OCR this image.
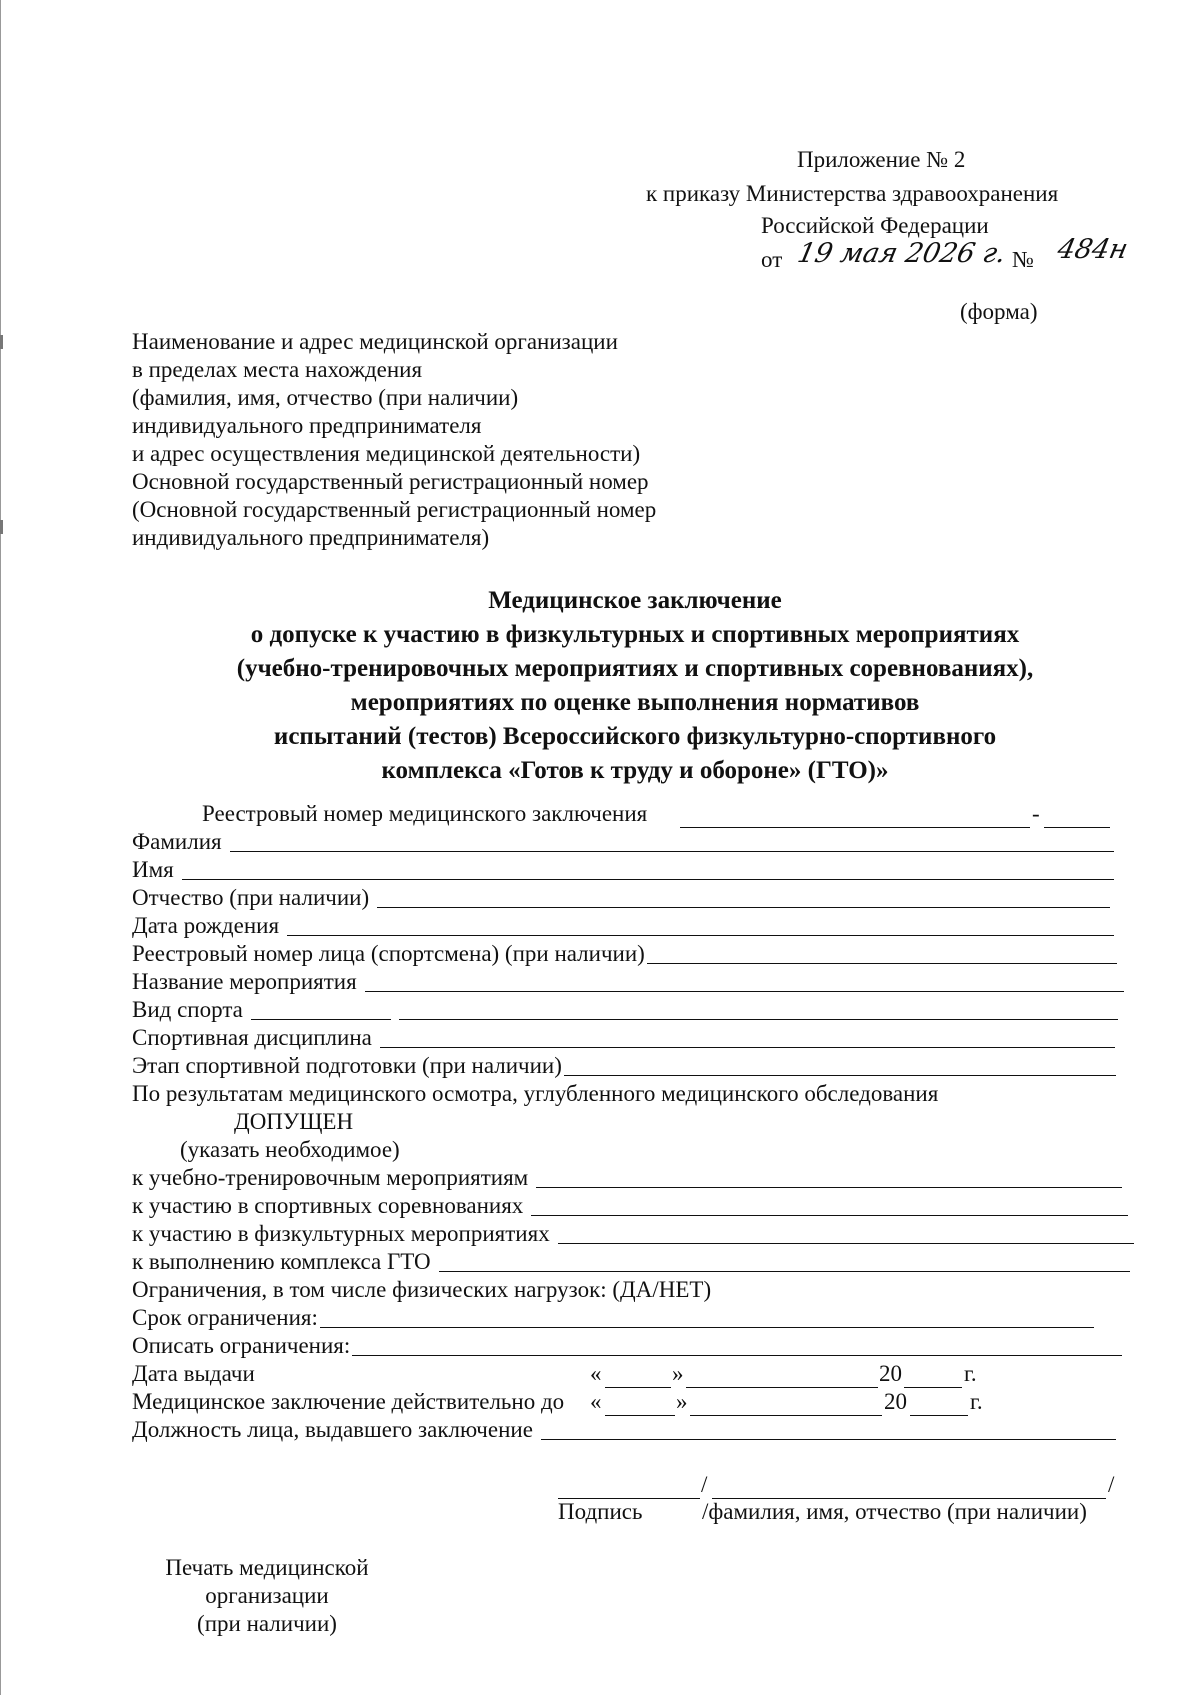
Приложение № 2
к приказу Министерства здравоохранения
Российской Федерации
от 19 мая 2026 г. № 484н
(форма)
Наименование и адрес медицинской организации
в пределах места нахождения
(фамилия, имя, отчество (при наличии)
индивидуального предпринимателя
и адрес осуществления медицинской деятельности)
Основной государственный регистрационный номер
(Основной государственный регистрационный номер
индивидуального предпринимателя)
Медицинское заключение
о допуске к участию в физкультурных и спортивных мероприятиях
(учебно-тренировочных мероприятиях и спортивных соревнованиях),
мероприятиях по оценке выполнения нормативов
испытаний (тестов) Всероссийского физкультурно-спортивного
комплекса «Готов к труду и обороне» (ГТО)»
Реестровый номер медицинского заключения	-
Фамилия
Имя
Отчество (при наличии)
Дата рождения
Реестровый номер лица (спортсмена) (при наличии)
Название мероприятия
Вид спорта
Спортивная дисциплина
Этап спортивной подготовки (при наличии)
По результатам медицинского осмотра, углубленного медицинского обследования
ДОПУЩЕН
(указать необходимое)
к учебно-тренировочным мероприятиям
к участию в спортивных соревнованиях
к участию в физкультурных мероприятиях
к выполнению комплекса ГТО
Ограничения, в том числе физических нагрузок: (ДА/НЕТ)
Срок ограничения:
Описать ограничения:
Дата выдачи	«	»	20	г.
Медицинское заключение действительно до «	»	20	г.
Должность лица, выдавшего заключение
/	/
Подпись	/фамилия, имя, отчество (при наличии)
Печать медицинской
организации
(при наличии)
